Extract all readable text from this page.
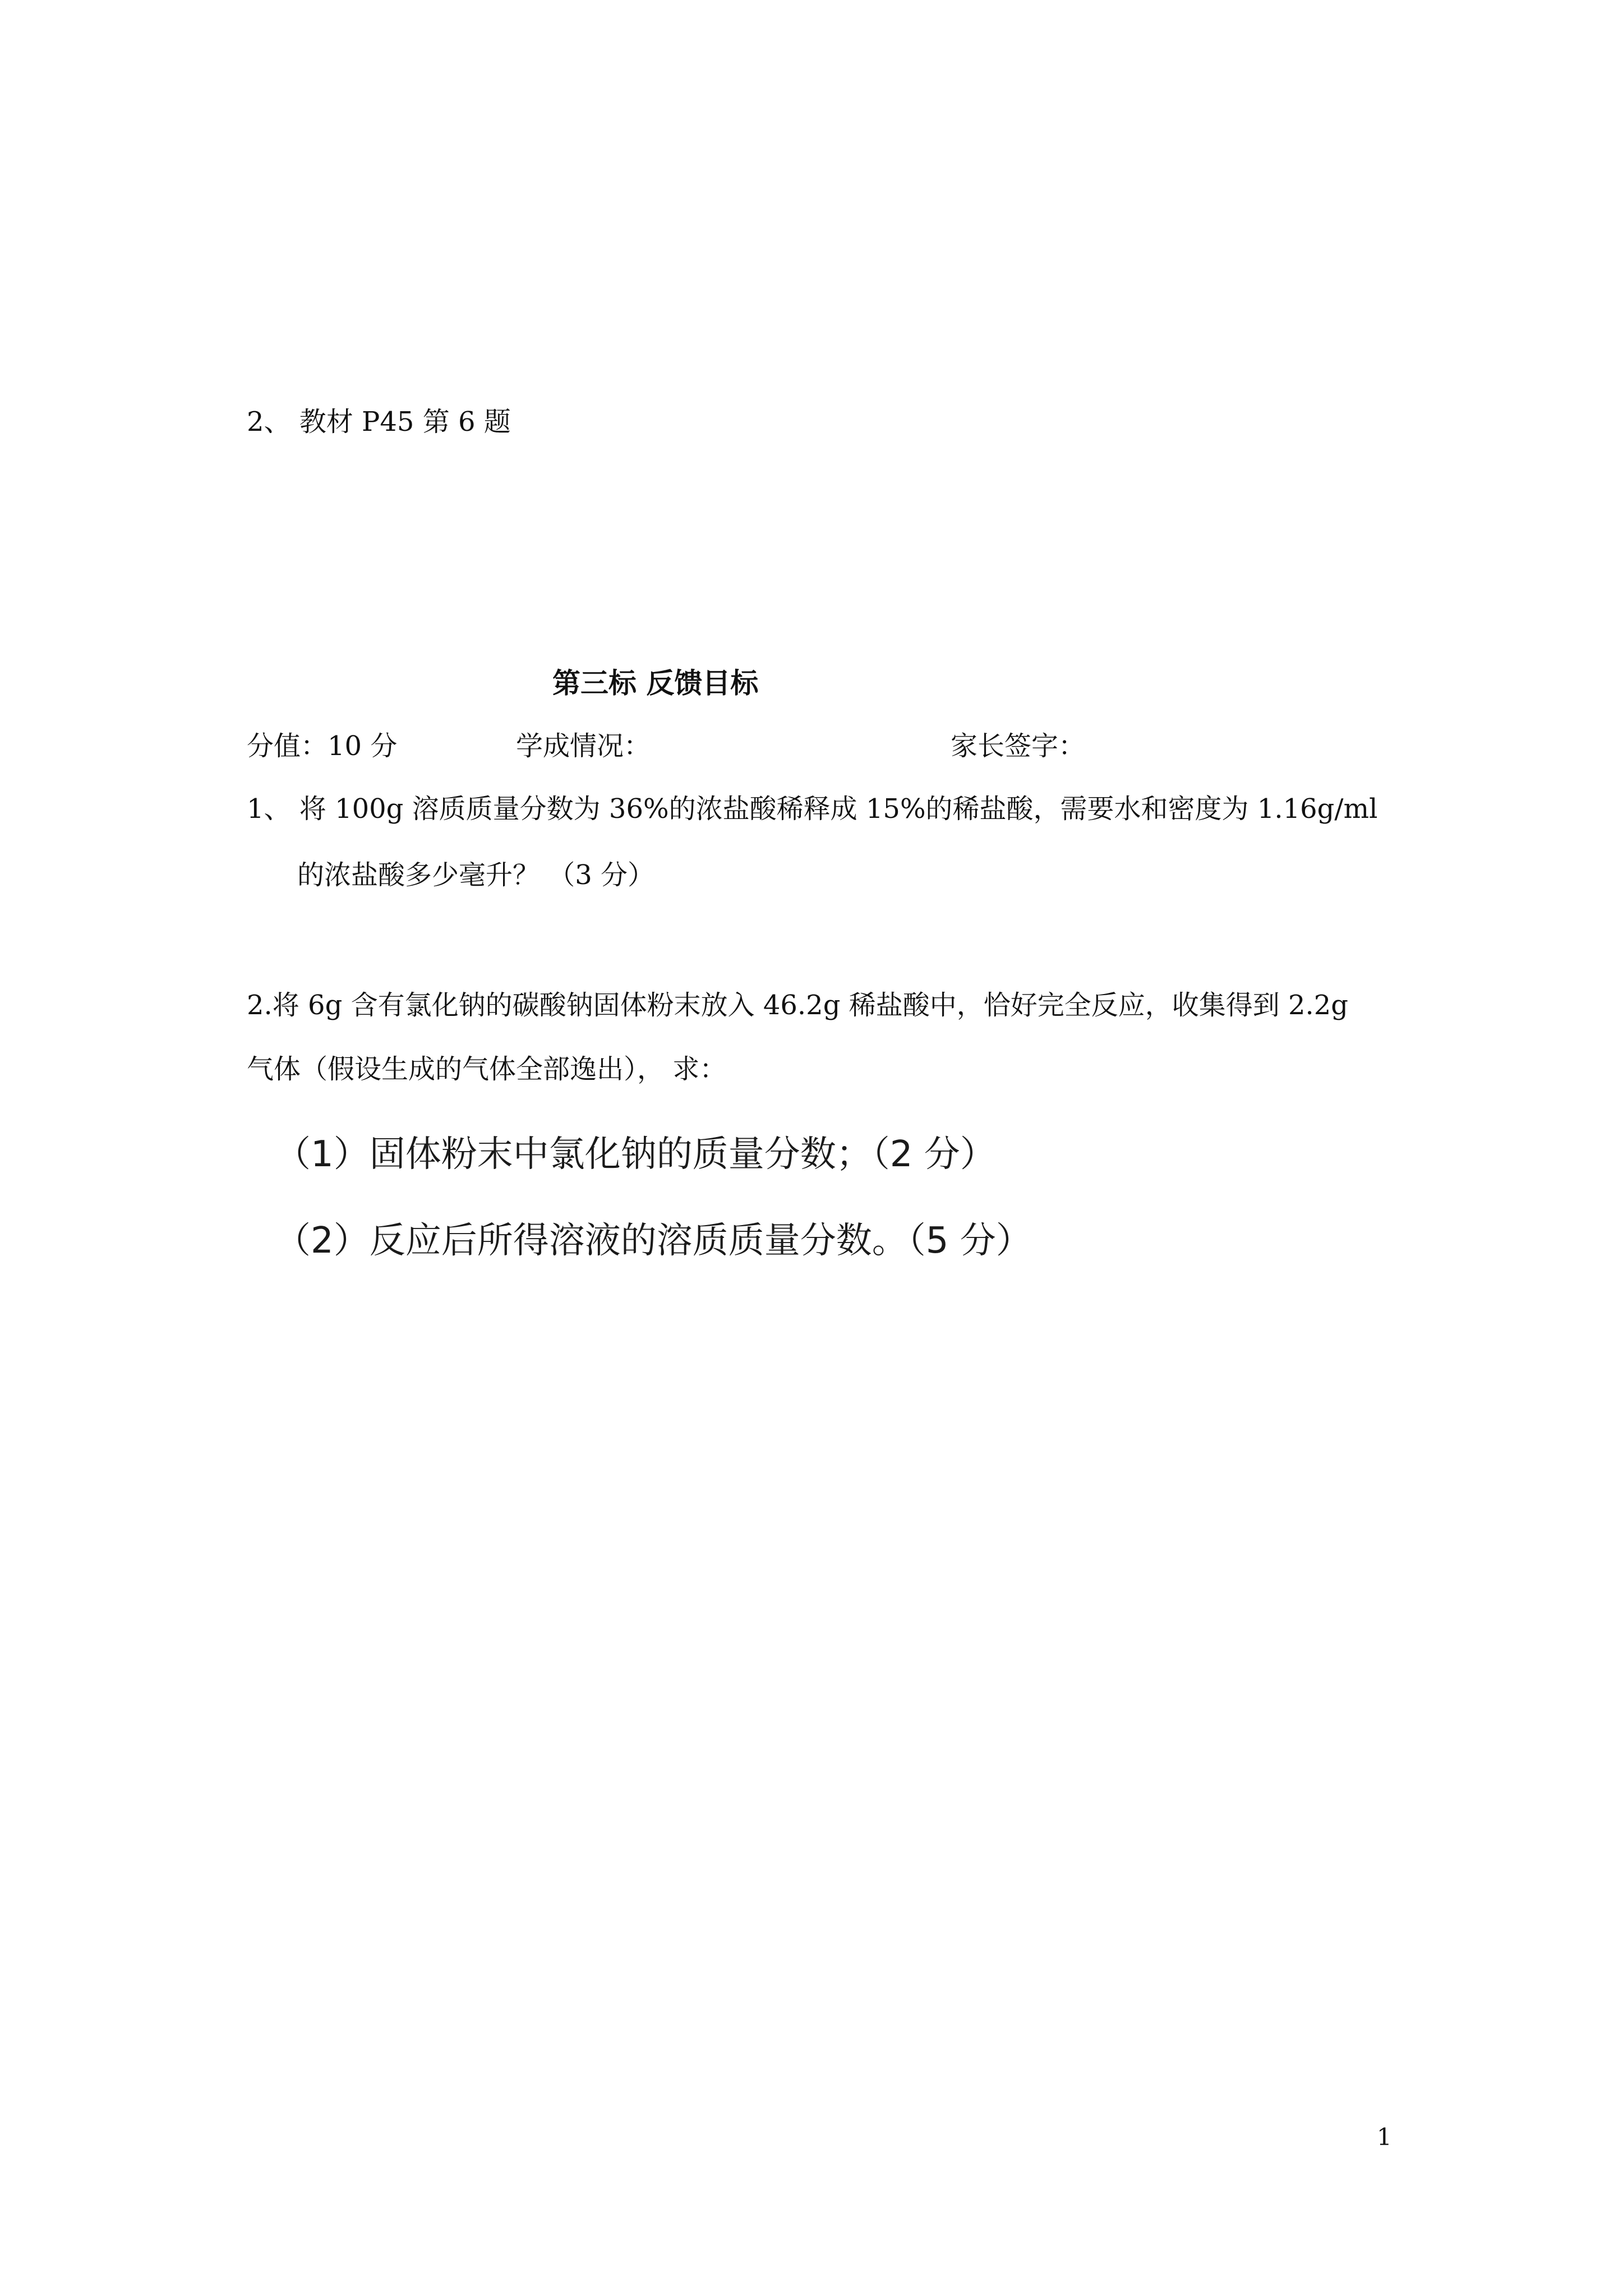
2、 教材 P45 第 6 题
第三标 反馈目标
分值：10 分	学成情况：	家长签字：
1、 将 100g 溶质质量分数为 36%的浓盐酸稀释成 15%的稀盐酸，需要水和密度为 1.16g/ml
的浓盐酸多少毫升？ （3 分）
2.将 6g 含有氯化钠的碳酸钠固体粉末放入 46.2g 稀盐酸中，恰好完全反应，收集得到 2.2g
气体（假设生成的气体全部逸出）， 求：
（1）固体粉末中氯化钠的质量分数；（2 分）
（2）反应后所得溶液的溶质质量分数。（5 分）
1
